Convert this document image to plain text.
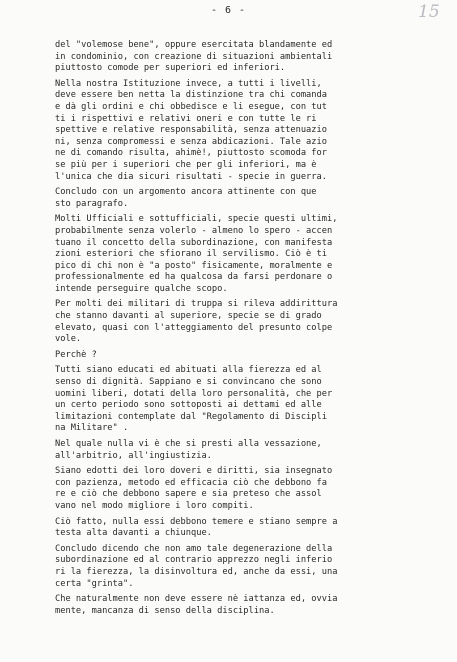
- 6 -	15
del "volemose bene", oppure esercitata blandamente ed
in condominio, con creazione di situazioni ambientali
piuttosto comode per superiori ed inferiori.
Nella nostra Istituzione invece, a tutti i livelli,
deve essere ben netta la distinzione tra chi comanda
e dà gli ordini e chi obbedisce e li esegue, con tut
ti i rispettivi e relativi oneri e con tutte le ri
spettive e relative responsabilità, senza attenuazio
ni, senza compromessi e senza abdicazioni. Tale azio
ne di comando risulta, ahimè!, piuttosto scomoda for
se più per i superiori che per gli inferiori, ma è
l'unica che dia sicuri risultati - specie in guerra.
Concludo con un argomento ancora attinente con que
sto paragrafo.
Molti Ufficiali e sottufficiali, specie questi ultimi,
probabilmente senza volerlo - almeno lo spero - accen
tuano il concetto della subordinazione, con manifesta
zioni esteriori che sfiorano il servilismo. Ciò è ti
pico di chi non è "a posto" fisicamente, moralmente e
professionalmente ed ha qualcosa da farsi perdonare o
intende perseguire qualche scopo.
Per molti dei militari di truppa si rileva addirittura
che stanno davanti al superiore, specie se di grado
elevato, quasi con l'atteggiamento del presunto colpe
vole.
Perchè ?
Tutti siano educati ed abituati alla fierezza ed al
senso di dignità. Sappiano e si convincano che sono
uomini liberi, dotati della loro personalità, che per
un certo periodo sono sottoposti ai dettami ed alle
limitazioni contemplate dal "Regolamento di Discipli
na Militare" .
Nel quale nulla vi è che si presti alla vessazione,
all'arbitrio, all'ingiustizia.
Siano edotti dei loro doveri e diritti, sia insegnato
con pazienza, metodo ed efficacia ciò che debbono fa
re e ciò che debbono sapere e sia preteso che assol
vano nel modo migliore i loro compiti.
Ciò fatto, nulla essi debbono temere e stiano sempre a
testa alta davanti a chiunque.
Concludo dicendo che non amo tale degenerazione della
subordinazione ed al contrario apprezzo negli inferio
ri la fierezza, la disinvoltura ed, anche da essi, una
certa "grinta".
Che naturalmente non deve essere nè iattanza ed, ovvia
mente, mancanza di senso della disciplina.
